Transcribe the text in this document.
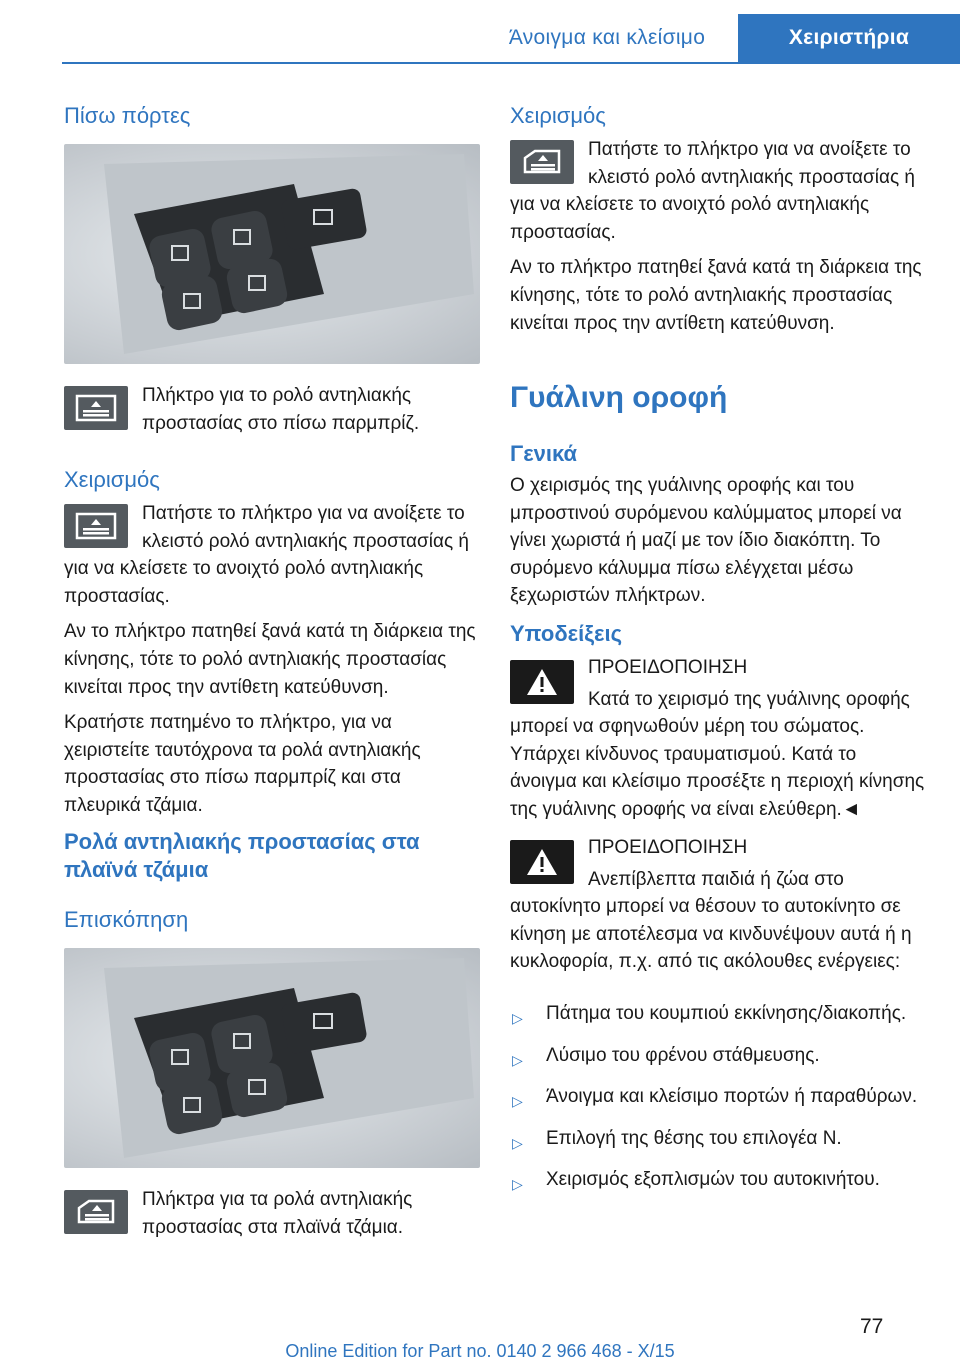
Άνοιγμα και κλείσιμο	Χειριστήρια
Πίσω πόρτες

Πλήκτρο για το ρολό αντηλιακής προστασίας στο πίσω παρμπρίζ.

Χειρισμός

Πατήστε το πλήκτρο για να ανοίξετε το κλειστό ρολό αντηλιακής προστασίας ή για να κλείσετε το ανοιχτό ρολό αντηλιακής προστασίας.

Αν το πλήκτρο πατηθεί ξανά κατά τη διάρκεια της κίνησης, τότε το ρολό αντηλιακής προστασίας κινείται προς την αντίθετη κατεύθυνση.

Κρατήστε πατημένο το πλήκτρο, για να χειριστείτε ταυτόχρονα τα ρολά αντηλιακής προστασίας στο πίσω παρμπρίζ και στα πλευρικά τζάμια.

Ρολά αντηλιακής προστασίας στα πλαϊνά τζάμια
Επισκόπηση

Πλήκτρα για τα ρολά αντηλιακής προστασίας στα πλαϊνά τζάμια.

Χειρισμός

Πατήστε το πλήκτρο για να ανοίξετε το κλειστό ρολό αντηλιακής προστασίας ή για να κλείσετε το ανοιχτό ρολό αντηλιακής προστασίας.

Αν το πλήκτρο πατηθεί ξανά κατά τη διάρκεια της κίνησης, τότε το ρολό αντηλιακής προστασίας κινείται προς την αντίθετη κατεύθυνση.

Γυάλινη οροφή
Γενικά

Ο χειρισμός της γυάλινης οροφής και του μπροστινού συρόμενου καλύμματος μπορεί να γίνει χωριστά ή μαζί με τον ίδιο διακόπτη. Το συρόμενο κάλυμμα πίσω ελέγχεται μέσω ξεχωριστών πλήκτρων.

Υποδείξεις

ΠΡΟΕΙΔΟΠΟΙΗΣΗ

Κατά το χειρισμό της γυάλινης οροφής μπορεί να σφηνωθούν μέρη του σώματος. Υπάρχει κίνδυνος τραυματισμού. Κατά το άνοιγμα και κλείσιμο προσέξτε η περιοχή κίνησης της γυάλινης οροφής να είναι ελεύθερη.◄

ΠΡΟΕΙΔΟΠΟΙΗΣΗ

Ανεπίβλεπτα παιδιά ή ζώα στο αυτοκίνητο μπορεί να θέσουν το αυτοκίνητο σε κίνηση με αποτέλεσμα να κινδυνέψουν αυτά ή η κυκλοφορία, π.χ. από τις ακόλουθες ενέργειες:

▷ Πάτημα του κουμπιού εκκίνησης/διακοπής.
▷ Λύσιμο του φρένου στάθμευσης.
▷ Άνοιγμα και κλείσιμο πορτών ή παραθύρων.
▷ Επιλογή της θέσης του επιλογέα N.
▷ Χειρισμός εξοπλισμών του αυτοκινήτου.
77
Online Edition for Part no. 0140 2 966 468 - X/15
